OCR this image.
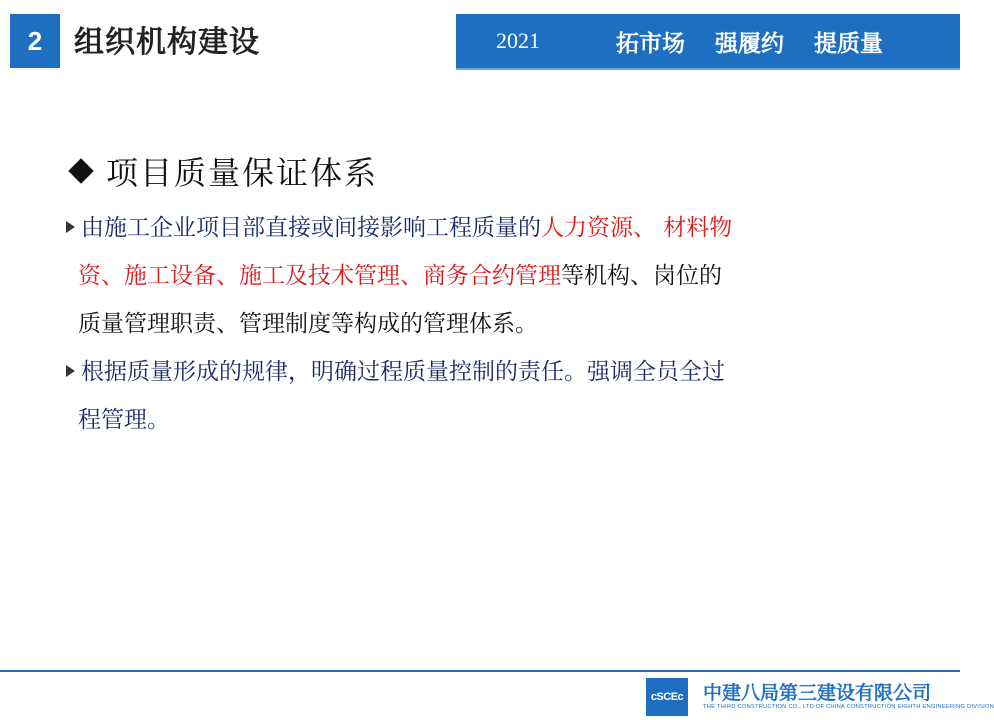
2	组织机构建设	2021	拓市场 强履约 提质量
项目质量保证体系
由施工企业项目部直接或间接影响工程质量的人力资源、 材料物
资、施工设备、施工及技术管理、商务合约管理等机构、岗位的
质量管理职责、管理制度等构成的管理体系。
根据质量形成的规律，明确过程质量控制的责任。强调全员全过
程管理。
cSCEc 中建八局第三建设有限公司
THE THIRD CONSTRUCTION CO., LTD OF CHINA CONSTRUCTION EIGHTH ENGINEERING DIVISION
